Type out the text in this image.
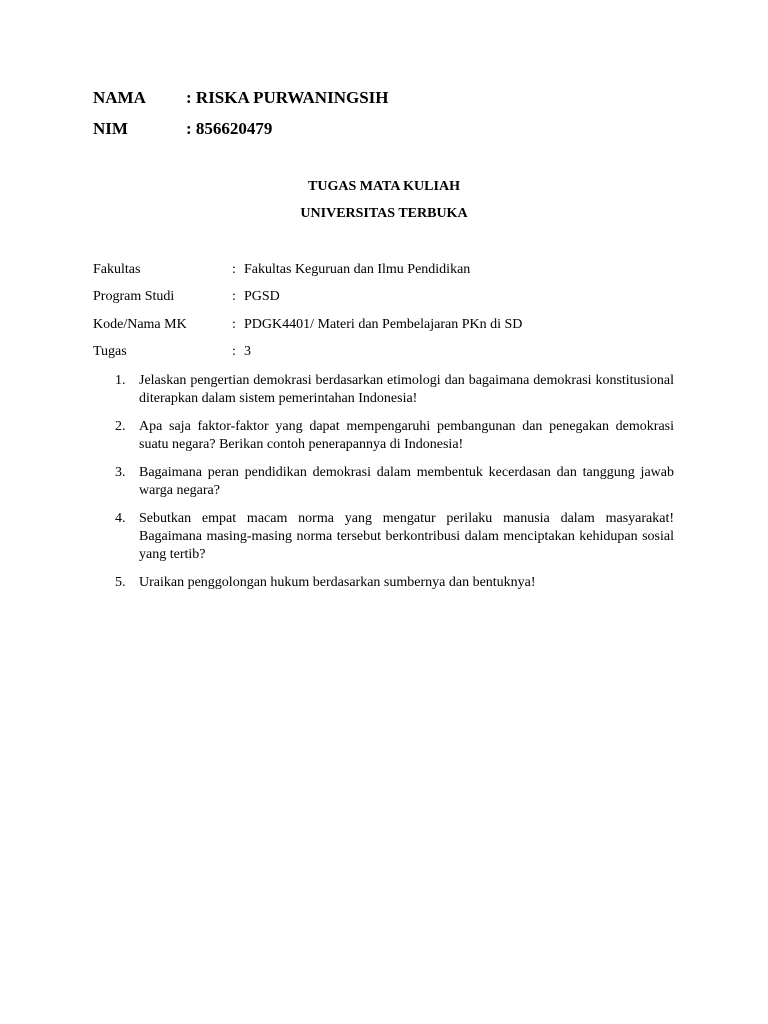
NAMA : RISKA PURWANINGSIH
NIM	: 856620479
TUGAS MATA KULIAH
UNIVERSITAS TERBUKA
Fakultas	: Fakultas Keguruan dan Ilmu Pendidikan
Program Studi	: PGSD
Kode/Nama MK	: PDGK4401/ Materi dan Pembelajaran PKn di SD
Tugas	: 3
1. Jelaskan pengertian demokrasi berdasarkan etimologi dan bagaimana demokrasi konstitusional diterapkan dalam sistem pemerintahan Indonesia!
2. Apa saja faktor-faktor yang dapat mempengaruhi pembangunan dan penegakan demokrasi suatu negara? Berikan contoh penerapannya di Indonesia!
3. Bagaimana peran pendidikan demokrasi dalam membentuk kecerdasan dan tanggung jawab warga negara?
4. Sebutkan empat macam norma yang mengatur perilaku manusia dalam masyarakat! Bagaimana masing-masing norma tersebut berkontribusi dalam menciptakan kehidupan sosial yang tertib?
5. Uraikan penggolongan hukum berdasarkan sumbernya dan bentuknya!
